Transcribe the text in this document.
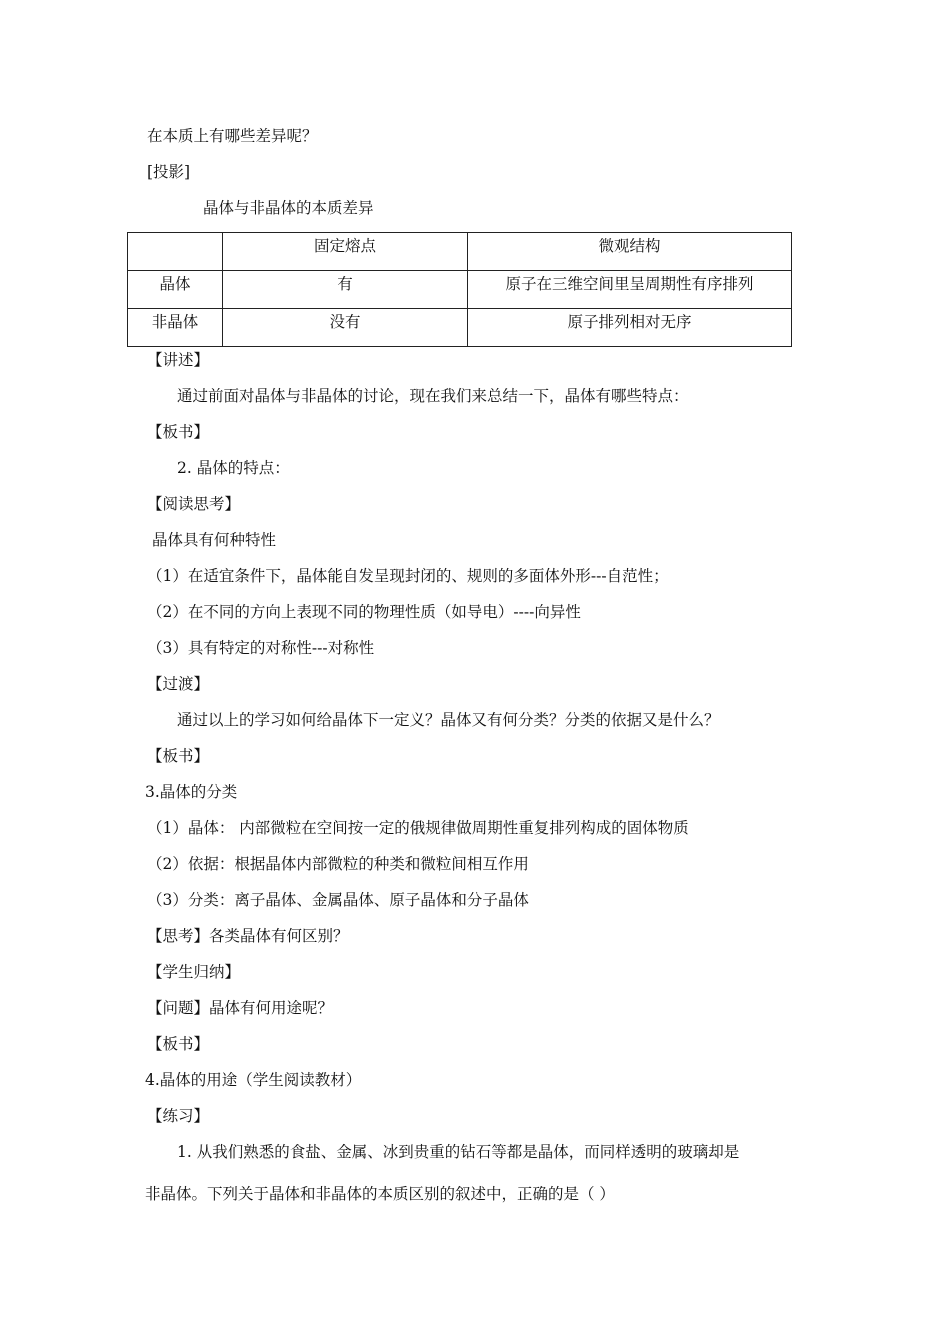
在本质上有哪些差异呢？
[投影]
晶体与非晶体的本质差异
	固定熔点	微观结构
晶体	有	原子在三维空间里呈周期性有序排列
非晶体	没有	原子排列相对无序
【讲述】
通过前面对晶体与非晶体的讨论，现在我们来总结一下，晶体有哪些特点：
【板书】
2. 晶体的特点：
【阅读思考】
晶体具有何种特性
（1）在适宜条件下，晶体能自发呈现封闭的、规则的多面体外形---自范性；
（2）在不同的方向上表现不同的物理性质（如导电）----向异性
（3）具有特定的对称性---对称性
【过渡】
通过以上的学习如何给晶体下一定义？晶体又有何分类？分类的依据又是什么？
【板书】
3.晶体的分类
（1）晶体： 内部微粒在空间按一定的俄规律做周期性重复排列构成的固体物质
（2）依据：根据晶体内部微粒的种类和微粒间相互作用
（3）分类：离子晶体、金属晶体、原子晶体和分子晶体
【思考】各类晶体有何区别？
【学生归纳】
【问题】晶体有何用途呢？
【板书】
4.晶体的用途（学生阅读教材）
【练习】
1. 从我们熟悉的食盐、金属、冰到贵重的钻石等都是晶体，而同样透明的玻璃却是
非晶体。下列关于晶体和非晶体的本质区别的叙述中，正确的是（ ）
